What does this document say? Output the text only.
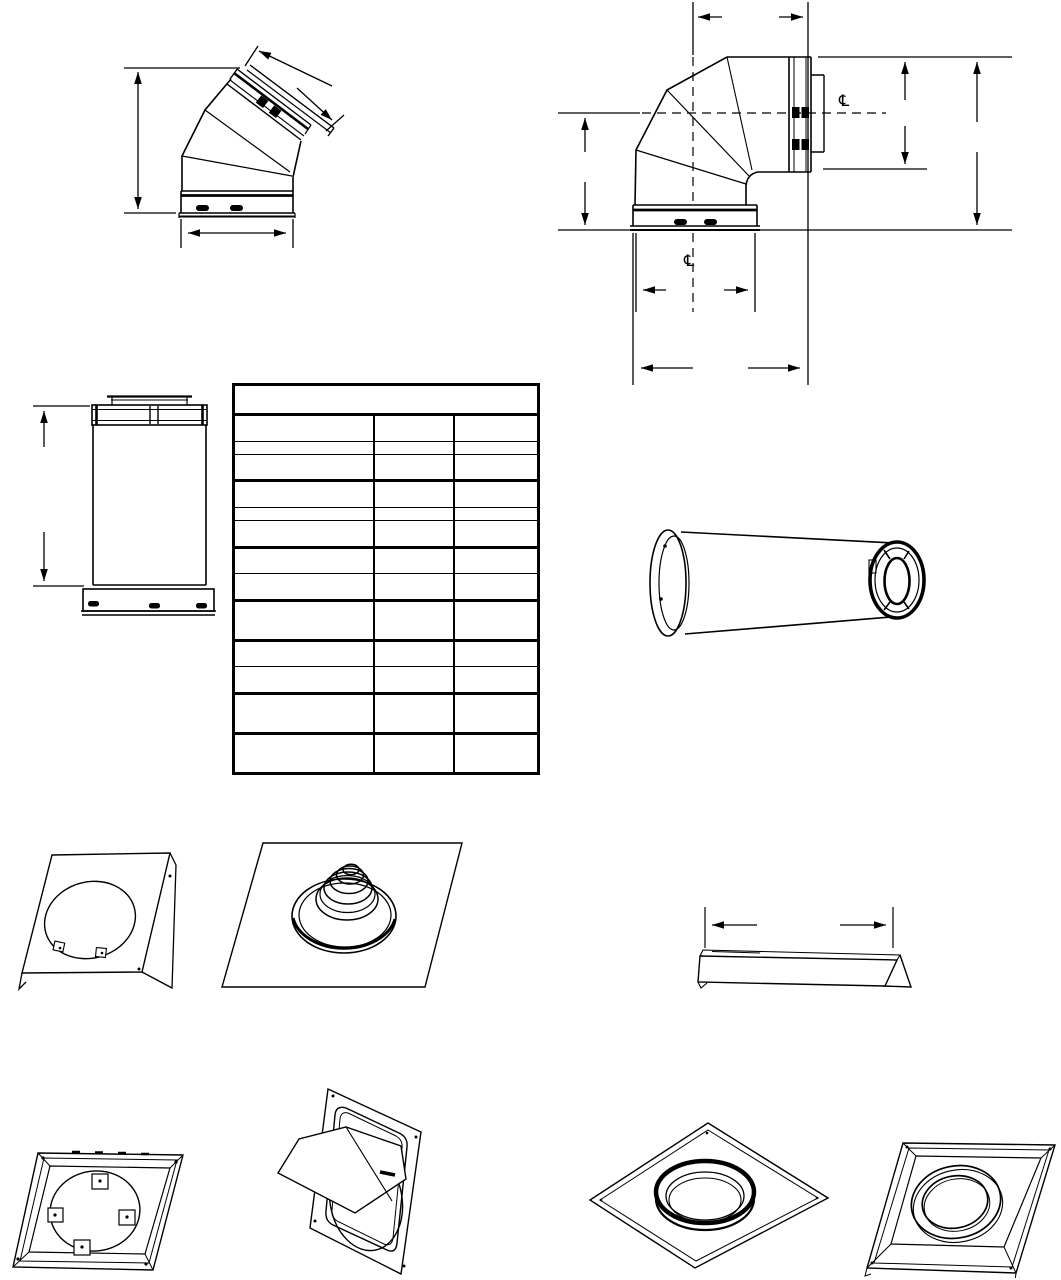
℄
℄
